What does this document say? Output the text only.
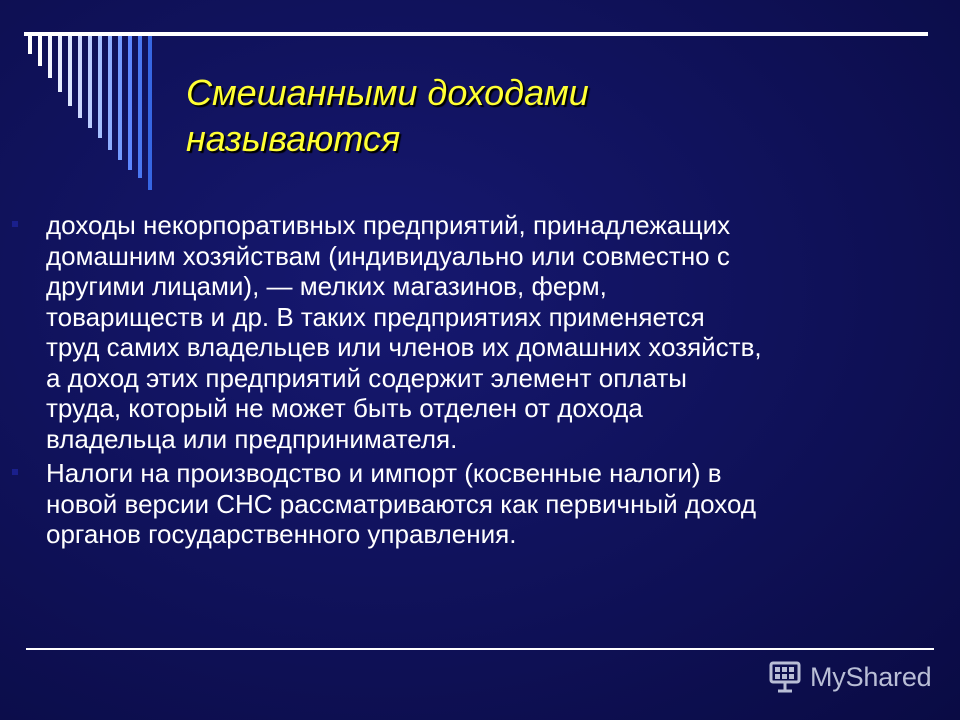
Смешанными доходами
называются
доходы некорпоративных предприятий, принадлежащих
домашним хозяйствам (индивидуально или совместно с
другими лицами), — мелких магазинов, ферм,
товариществ и др. В таких предприятиях применяется
труд самих владельцев или членов их домашних хозяйств,
а доход этих предприятий содержит элемент оплаты
труда, который не может быть отделен от дохода
владельца или предпринимателя.
Налоги на производство и импорт (косвенные налоги) в
новой версии СНС рассматриваются как первичный доход
органов государственного управления.
MyShared
